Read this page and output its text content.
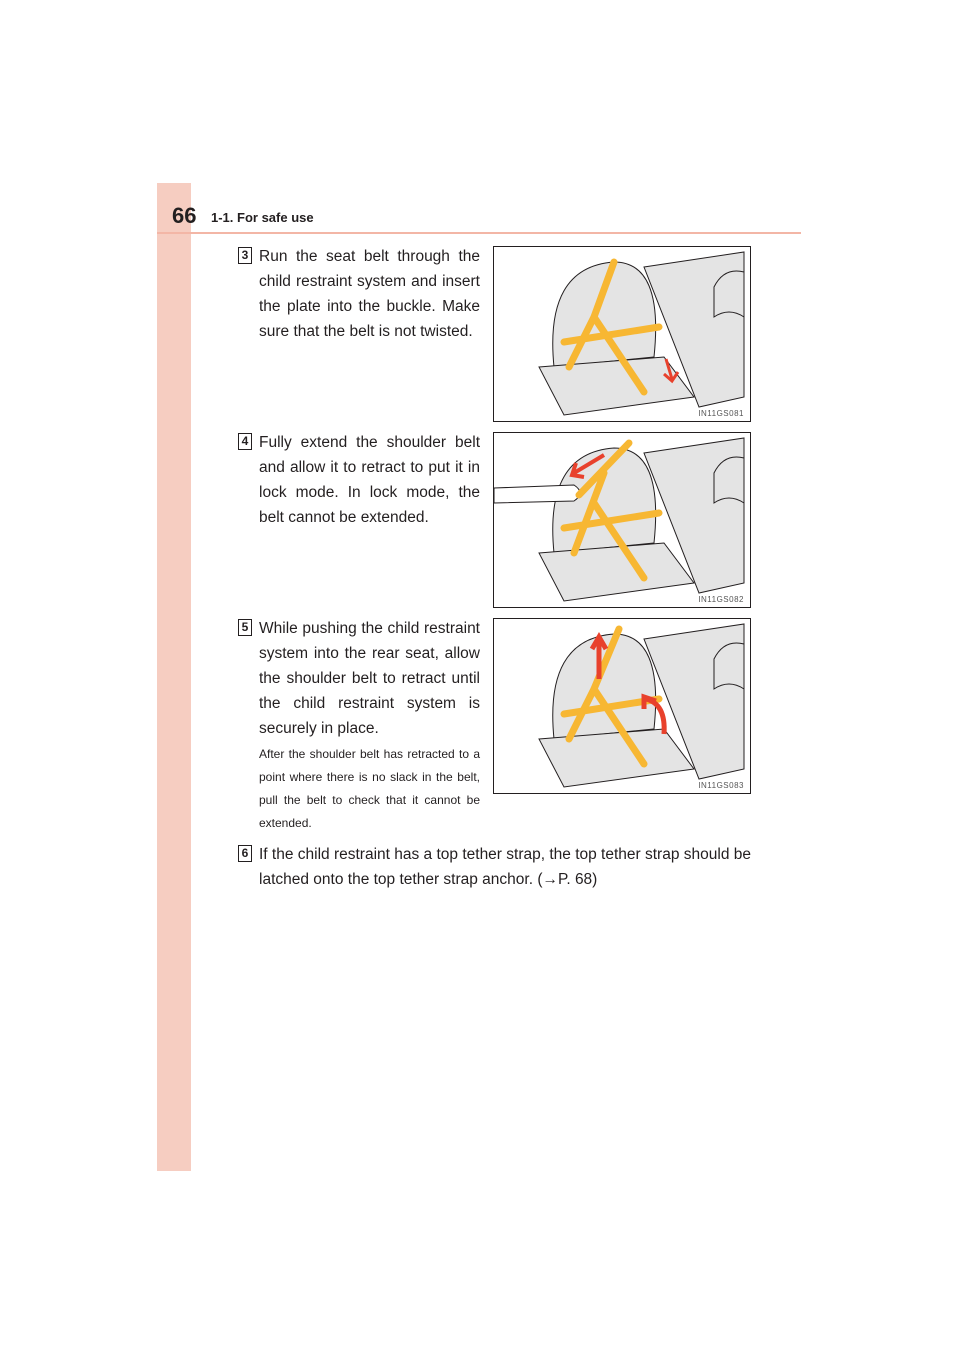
66 1-1. For safe use
3 Run the seat belt through the child restraint system and insert the plate into the buckle. Make sure that the belt is not twisted.

IN11GS081
4 Fully extend the shoulder belt and allow it to retract to put it in lock mode. In lock mode, the belt cannot be extended.

IN11GS082
5 While pushing the child restraint system into the rear seat, allow the shoulder belt to retract until the child restraint system is securely in place.

After the shoulder belt has retracted to a point where there is no slack in the belt, pull the belt to check that it cannot be extended.

IN11GS083
6 If the child restraint has a top tether strap, the top tether strap should be latched onto the top tether strap anchor. (→P. 68)
